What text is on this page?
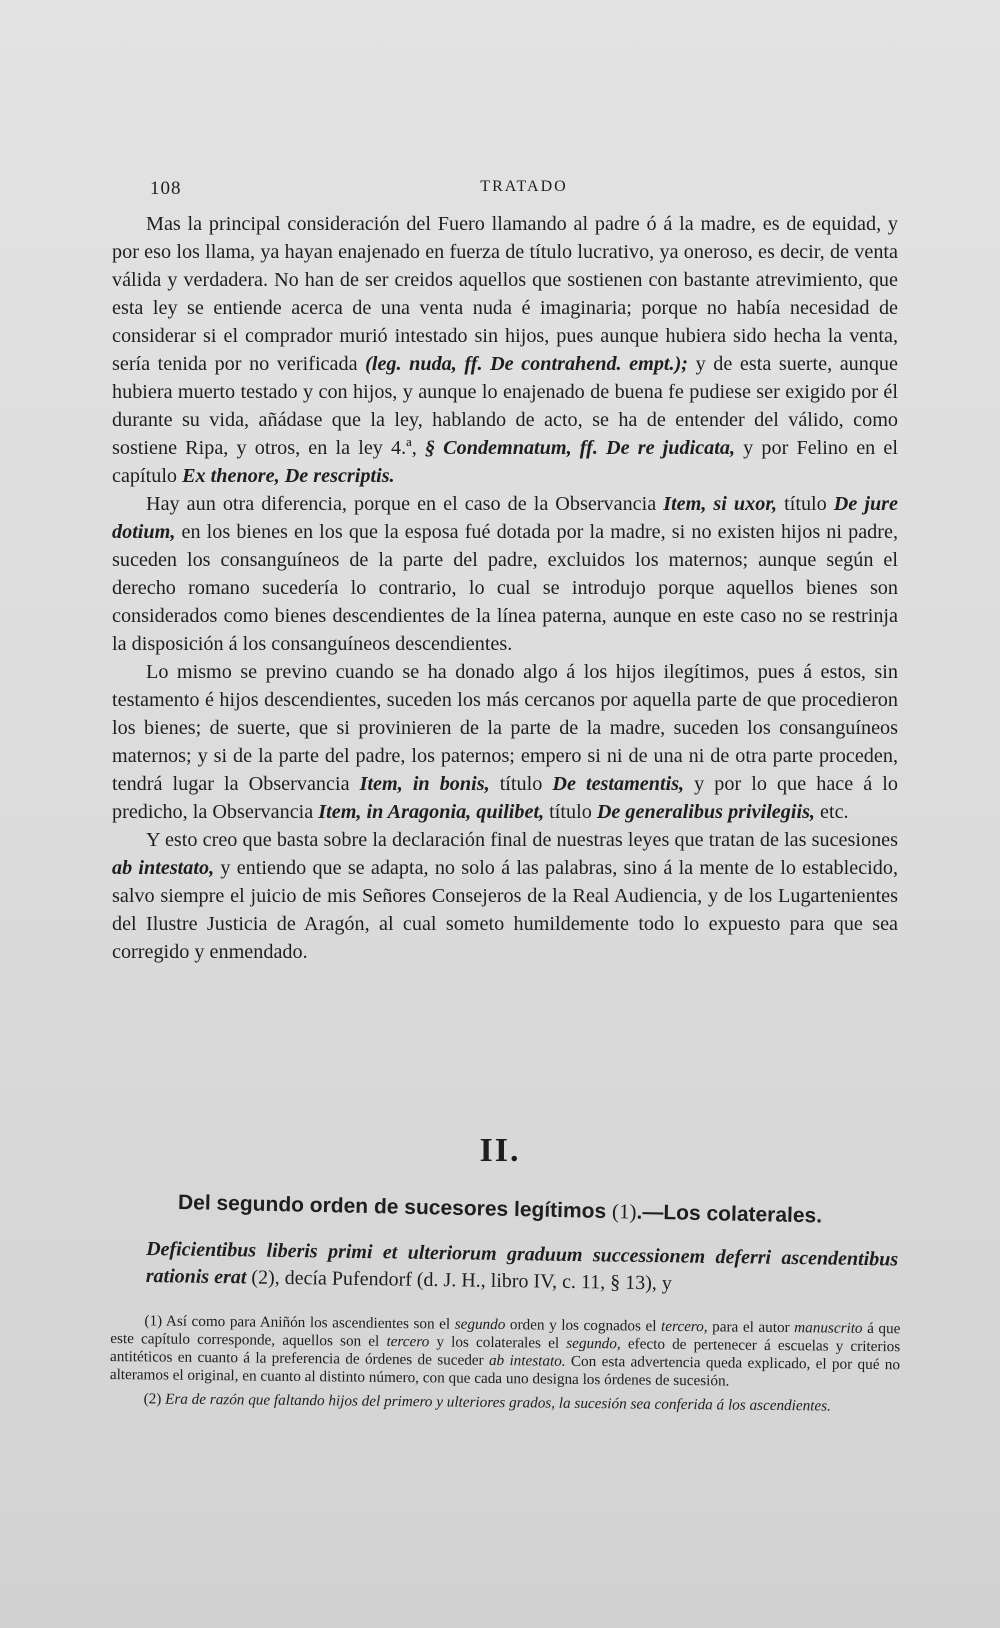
108	TRATADO

Mas la principal consideración del Fuero llamando al padre ó á la madre, es de equidad, y por eso los llama, ya hayan enajenado en fuerza de título lucrativo, ya oneroso, es decir, de venta válida y verdadera. No han de ser creidos aquellos que sostienen con bastante atrevimiento, que esta ley se entiende acerca de una venta nuda é imaginaria; porque no había necesidad de considerar si el comprador murió intestado sin hijos, pues aunque hubiera sido hecha la venta, sería tenida por no verificada (leg. nuda, ff. De contrahend. empt.); y de esta suerte, aunque hubiera muerto testado y con hijos, y aunque lo enajenado de buena fe pudiese ser exigido por él durante su vida, añádase que la ley, hablando de acto, se ha de entender del válido, como sostiene Ripa, y otros, en la ley 4.ª, § Condemnatum, ff. De re judicata, y por Felino en el capítulo Ex thenore, De rescriptis.

Hay aun otra diferencia, porque en el caso de la Observancia Item, si uxor, título De jure dotium, en los bienes en los que la esposa fué dotada por la madre, si no existen hijos ni padre, suceden los consanguíneos de la parte del padre, excluidos los maternos; aunque según el derecho romano sucedería lo contrario, lo cual se introdujo porque aquellos bienes son considerados como bienes descendientes de la línea paterna, aunque en este caso no se restrinja la disposición á los consanguíneos descendientes.

Lo mismo se previno cuando se ha donado algo á los hijos ilegítimos, pues á estos, sin testamento é hijos descendientes, suceden los más cercanos por aquella parte de que procedieron los bienes; de suerte, que si provinieren de la parte de la madre, suceden los consanguíneos maternos; y si de la parte del padre, los paternos; empero si ni de una ni de otra parte proceden, tendrá lugar la Observancia Item, in bonis, título De testamentis, y por lo que hace á lo predicho, la Observancia Item, in Aragonia, quilibet, título De generalibus privilegiis, etc.

Y esto creo que basta sobre la declaración final de nuestras leyes que tratan de las sucesiones ab intestato, y entiendo que se adapta, no solo á las palabras, sino á la mente de lo establecido, salvo siempre el juicio de mis Señores Consejeros de la Real Audiencia, y de los Lugartenientes del Ilustre Justicia de Aragón, al cual someto humildemente todo lo expuesto para que sea corregido y enmendado.

II.
Del segundo orden de sucesores legítimos (1).—Los colaterales.
Deficientibus liberis primi et ulteriorum graduum successionem deferri ascendentibus rationis erat (2), decía Pufendorf (d. J. H., libro IV, c. 11, § 13), y

(1) Así como para Aniñón los ascendientes son el segundo orden y los cognados el tercero, para el autor manuscrito á que este capítulo corresponde, aquellos son el tercero y los colaterales el segundo, efecto de pertenecer á escuelas y criterios antitéticos en cuanto á la preferencia de órdenes de suceder ab intestato. Con esta advertencia queda explicado, el por qué no alteramos el original, en cuanto al distinto número, con que cada uno designa los órdenes de sucesión.

(2) Era de razón que faltando hijos del primero y ulteriores grados, la sucesión sea conferida á los ascendientes.
